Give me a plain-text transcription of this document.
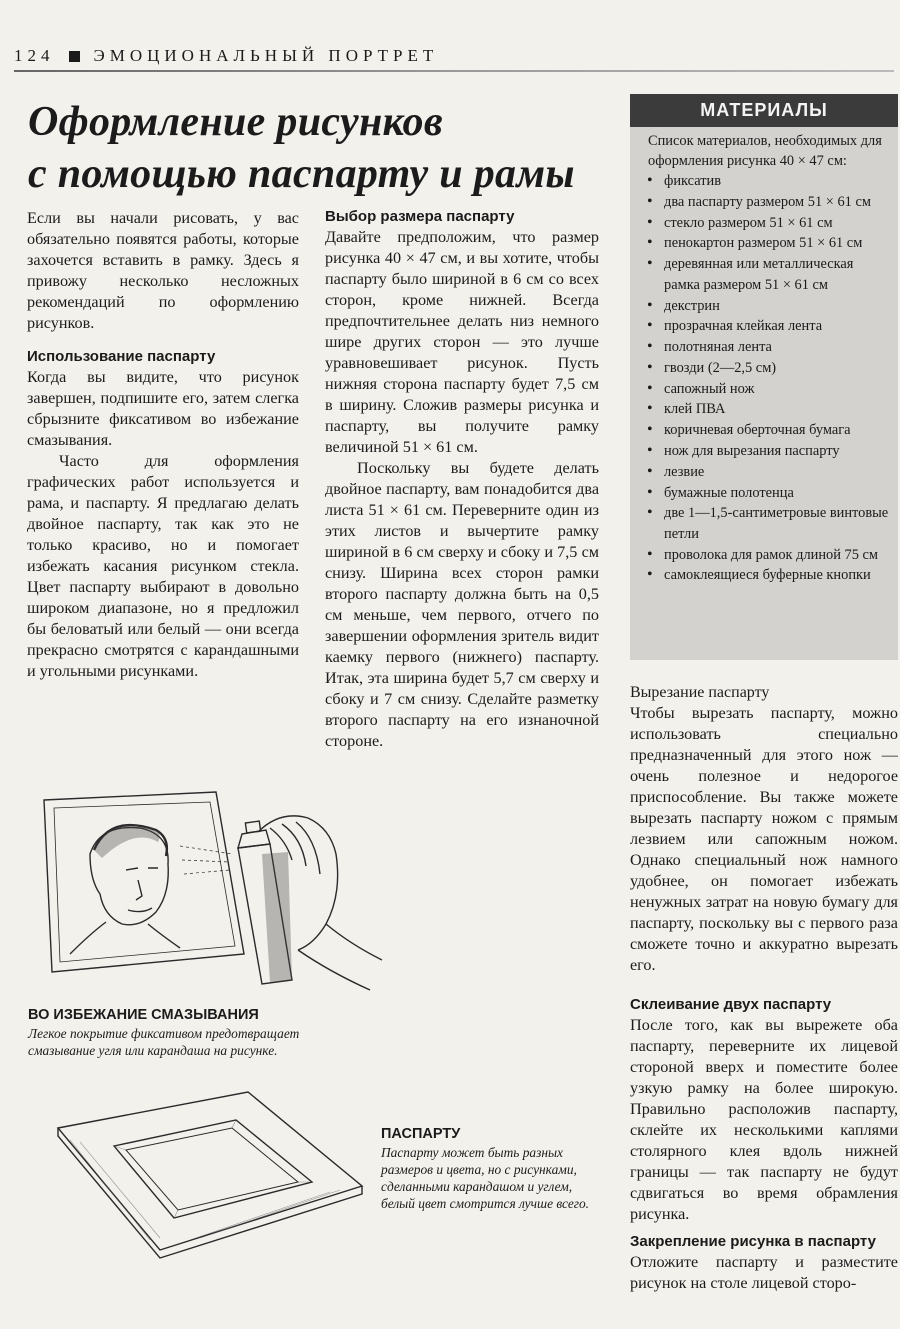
124 ЭМОЦИОНАЛЬНЫЙ ПОРТРЕТ
Оформление рисунков
с помощью паспарту и рамы

Если вы начали рисовать, у вас обязательно появятся работы, которые захочется вставить в рамку. Здесь я привожу несколько несложных рекомендаций по оформлению рисунков.

Использование паспарту

Когда вы видите, что рисунок завершен, подпишите его, затем слегка сбрызните фиксативом во избежание смазывания.

Часто для оформления графических работ используется и рама, и паспарту. Я предлагаю делать двойное паспарту, так как это не только красиво, но и помогает избежать касания рисунком стекла. Цвет паспарту выбирают в довольно широком диапазоне, но я предложил бы беловатый или белый — они всегда прекрасно смотрятся с карандашными и угольными рисунками.

Выбор размера паспарту

Давайте предположим, что размер рисунка 40 × 47 см, и вы хотите, чтобы паспарту было шириной в 6 см со всех сторон, кроме нижней. Всегда предпочтительнее делать низ немного шире других сторон — это лучше уравновешивает рисунок. Пусть нижняя сторона паспарту будет 7,5 см в ширину. Сложив размеры рисунка и паспарту, вы получите рамку величиной 51 × 61 см.

Поскольку вы будете делать двойное паспарту, вам понадобится два листа 51 × 61 см. Переверните один из этих листов и вычертите рамку шириной в 6 см сверху и сбоку и 7,5 см снизу. Ширина всех сторон рамки второго паспарту должна быть на 0,5 см меньше, чем первого, отчего по завершении оформления зритель видит каемку первого (нижнего) паспарту. Итак, эта ширина будет 5,7 см сверху и сбоку и 7 см снизу. Сделайте разметку второго паспарту на его изнаночной стороне.

МАТЕРИАЛЫ

Список материалов, необходимых для оформления рисунка 40 × 47 см:

• фиксатив
• два паспарту размером 51 × 61 см
• стекло размером 51 × 61 см
• пенокартон размером 51 × 61 см
• деревянная или металлическая рамка размером 51 × 61 см
• декстрин
• прозрачная клейкая лента
• полотняная лента
• гвозди (2—2,5 см)
• сапожный нож
• клей ПВА
• коричневая оберточная бумага
• нож для вырезания паспарту
• лезвие
• бумажные полотенца
• две 1—1,5-сантиметровые винтовые петли
• проволока для рамок длиной 75 см
• самоклеящиеся буферные кнопки
Вырезание паспарту

Чтобы вырезать паспарту, можно использовать специально предназначенный для этого нож — очень полезное и недорогое приспособление. Вы также можете вырезать паспарту ножом с прямым лезвием или сапожным ножом. Однако специальный нож намного удобнее, он помогает избежать ненужных затрат на новую бумагу для паспарту, поскольку вы с первого раза сможете точно и аккуратно вырезать его.

Склеивание двух паспарту

После того, как вы вырежете оба паспарту, переверните их лицевой стороной вверх и поместите более узкую рамку на более широкую. Правильно расположив паспарту, склейте их несколькими каплями столярного клея вдоль нижней границы — так паспарту не будут сдвигаться во время обрамления рисунка.

Закрепление рисунка в паспарту

Отложите паспарту и разместите рисунок на столе лицевой сторо-

ВО ИЗБЕЖАНИЕ СМАЗЫВАНИЯ
Легкое покрытие фиксативом предотвращает смазывание угля или карандаша на рисунке.
ПАСПАРТУ
Паспарту может быть разных размеров и цвета, но с рисунками, сделанными карандашом и углем, белый цвет смотрится лучше всего.
